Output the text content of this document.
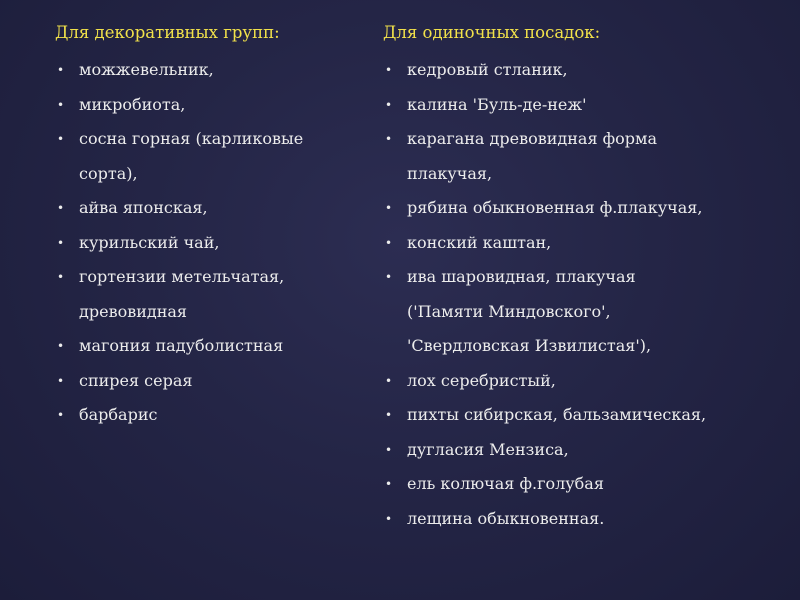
Для декоративных групп:
• можжевельник,
• микробиота,
• сосна горная (карликовые
сорта),
• айва японская,
• курильский чай,
• гортензии метельчатая,
древовидная
• магония падуболистная
• спирея серая
• барбарис
Для одиночных посадок:
• кедровый стланик,
• калина 'Буль-де-неж'
• карагана древовидная форма
плакучая,
• рябина обыкновенная ф.плакучая,
• конский каштан,
• ива шаровидная, плакучая
('Памяти Миндовского',
'Свердловская Извилистая'),
• лох серебристый,
• пихты сибирская, бальзамическая,
• дугласия Мензиса,
• ель колючая ф.голубая
• лещина обыкновенная.
